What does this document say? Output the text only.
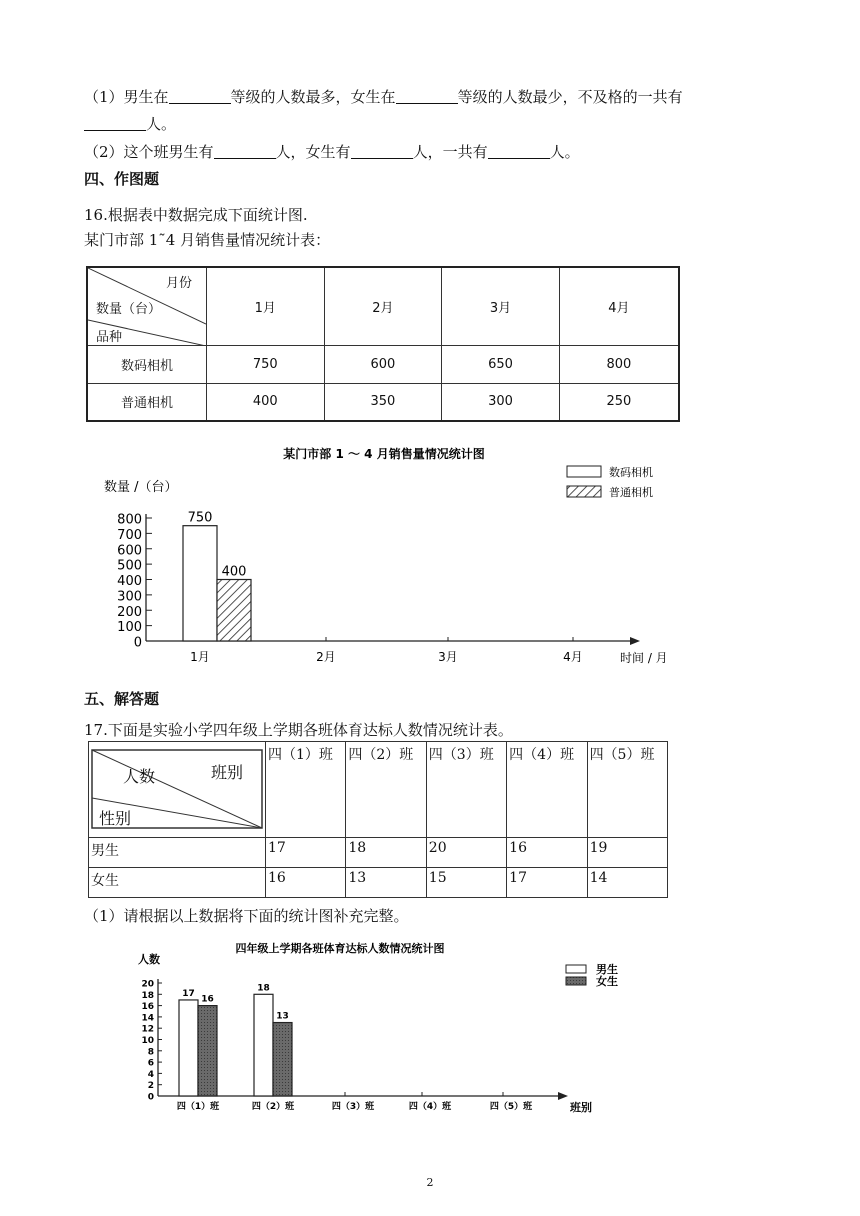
（1）男生在	等级的人数最多，女生在	等级的人数最少，不及格的一共有
人。
（2）这个班男生有	人，女生有	人，一共有	人。
四、作图题
16.根据表中数据完成下面统计图.
某门市部 1˜4 月销售量情况统计表：
月份
数量（台）
品种	1月	2月	3月	4月
数码相机	750	600	650	800
普通相机	400	350	300	250
某门市部 1 ～ 4 月销售量情况统计图
数量 /（台）
数码相机
普通相机
800
700
600
500
400
300
200
100
0
1月	2月	3月	4月
750
400
时间 / 月
五、解答题
17.下面是实验小学四年级上学期各班体育达标人数情况统计表。
人数 班别
性别	四（1）班	四（2）班	四（3）班	四（4）班	四（5）班
男生	17	18	20	16	19
女生	16	13	15	17	14
（1）请根据以上数据将下面的统计图补充完整。
四年级上学期各班体育达标人数情况统计图
人数
男生
女生
20
18
16
14
12
10
8
6
4
2
0
四（1）班	四（2）班	四（3）班	四（4）班	四（5）班
17
18
16
13
班别
2
